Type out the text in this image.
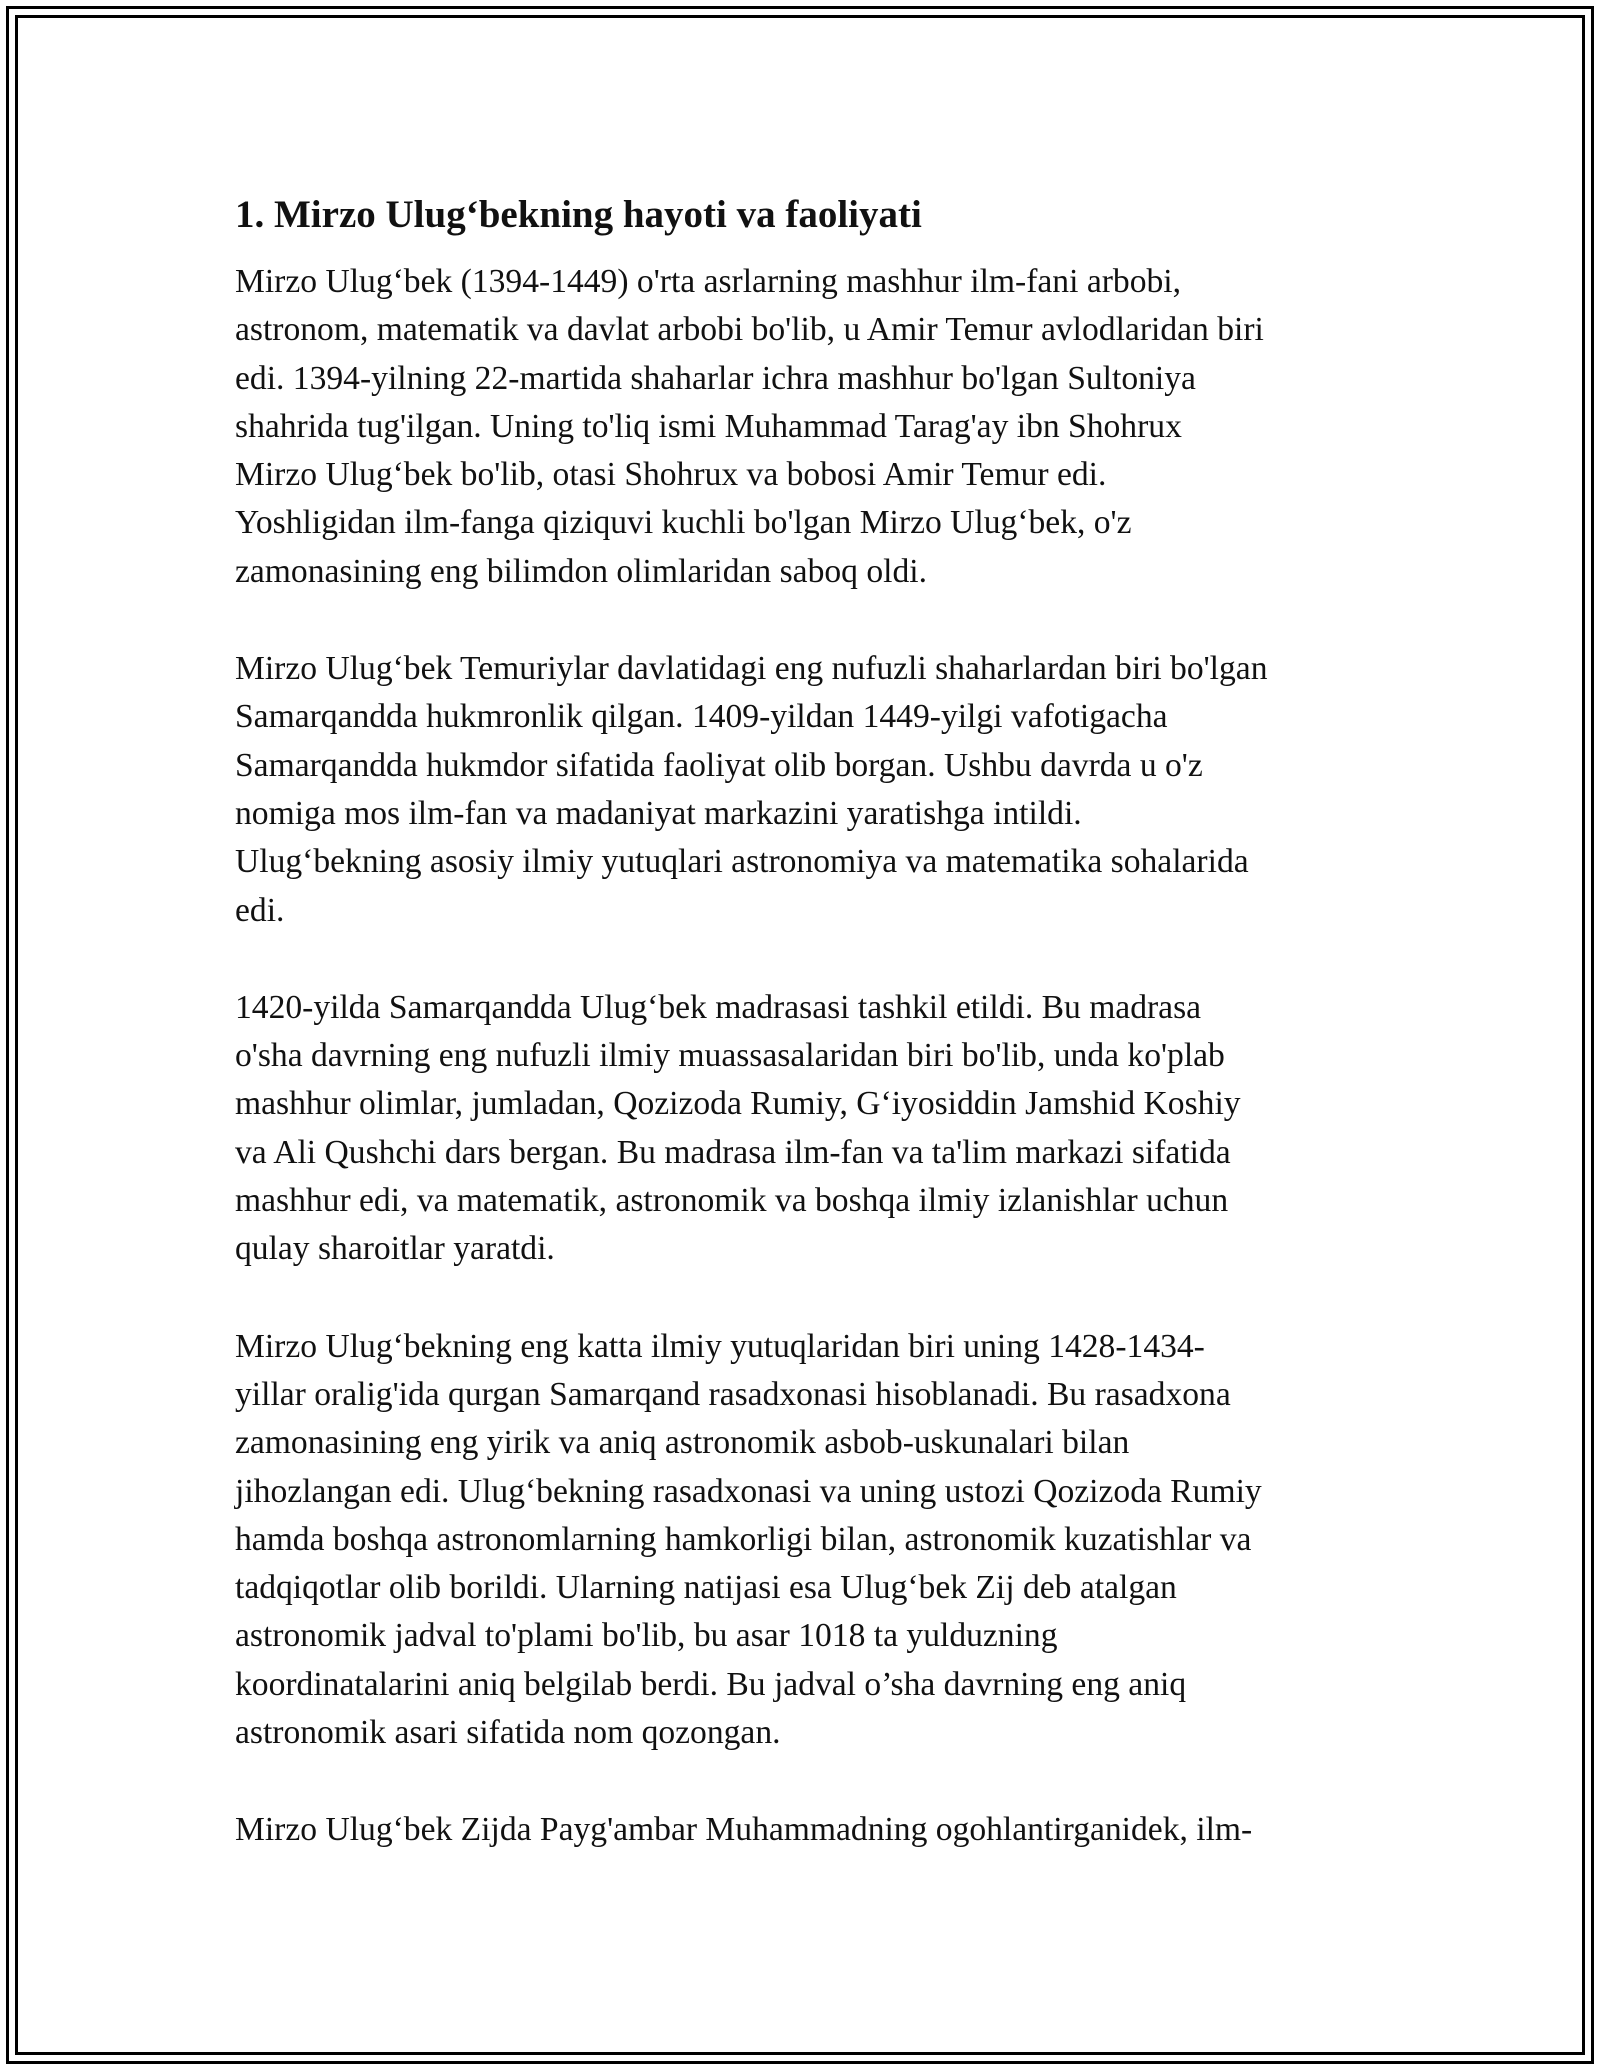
1. Mirzo Ulug‘bekning hayoti va faoliyati
Mirzo Ulug‘bek (1394-1449) o'rta asrlarning mashhur ilm-fani arbobi,
astronom, matematik va davlat arbobi bo'lib, u Amir Temur avlodlaridan biri
edi. 1394-yilning 22-martida shaharlar ichra mashhur bo'lgan Sultoniya
shahrida tug'ilgan. Uning to'liq ismi Muhammad Tarag'ay ibn Shohrux
Mirzo Ulug‘bek bo'lib, otasi Shohrux va bobosi Amir Temur edi.
Yoshligidan ilm-fanga qiziquvi kuchli bo'lgan Mirzo Ulug‘bek, o'z
zamonasining eng bilimdon olimlaridan saboq oldi.
Mirzo Ulug‘bek Temuriylar davlatidagi eng nufuzli shaharlardan biri bo'lgan
Samarqandda hukmronlik qilgan. 1409-yildan 1449-yilgi vafotigacha
Samarqandda hukmdor sifatida faoliyat olib borgan. Ushbu davrda u o'z
nomiga mos ilm-fan va madaniyat markazini yaratishga intildi.
Ulug‘bekning asosiy ilmiy yutuqlari astronomiya va matematika sohalarida
edi.
1420-yilda Samarqandda Ulug‘bek madrasasi tashkil etildi. Bu madrasa
o'sha davrning eng nufuzli ilmiy muassasalaridan biri bo'lib, unda ko'plab
mashhur olimlar, jumladan, Qozizoda Rumiy, G‘iyosiddin Jamshid Koshiy
va Ali Qushchi dars bergan. Bu madrasa ilm-fan va ta'lim markazi sifatida
mashhur edi, va matematik, astronomik va boshqa ilmiy izlanishlar uchun
qulay sharoitlar yaratdi.
Mirzo Ulug‘bekning eng katta ilmiy yutuqlaridan biri uning 1428-1434-
yillar oralig'ida qurgan Samarqand rasadxonasi hisoblanadi. Bu rasadxona
zamonasining eng yirik va aniq astronomik asbob-uskunalari bilan
jihozlangan edi. Ulug‘bekning rasadxonasi va uning ustozi Qozizoda Rumiy
hamda boshqa astronomlarning hamkorligi bilan, astronomik kuzatishlar va
tadqiqotlar olib borildi. Ularning natijasi esa Ulug‘bek Zij deb atalgan
astronomik jadval to'plami bo'lib, bu asar 1018 ta yulduzning
koordinatalarini aniq belgilab berdi. Bu jadval o’sha davrning eng aniq
astronomik asari sifatida nom qozongan.
Mirzo Ulug‘bek Zijda Payg'ambar Muhammadning ogohlantirganidek, ilm-
